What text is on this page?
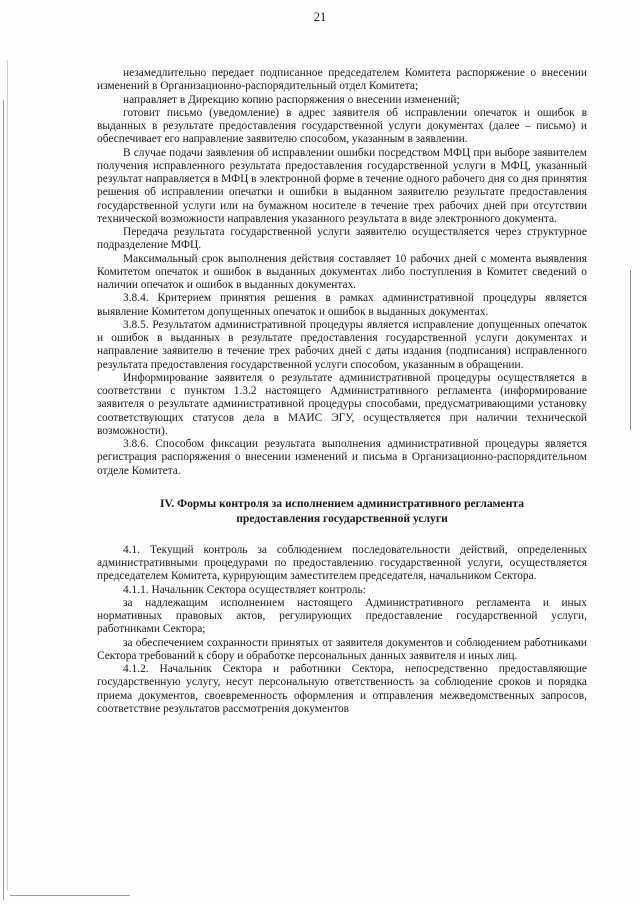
21

незамедлительно передает подписанное председателем Комитета распоряжение о внесении изменений в Организационно-распорядительный отдел Комитета;

направляет в Дирекцию копию распоряжения о внесении изменений;

готовит письмо (уведомление) в адрес заявителя об исправлении опечаток и ошибок в выданных в результате предоставления государственной услуги документах (далее – письмо) и обеспечивает его направление заявителю способом, указанным в заявлении.

В случае подачи заявления об исправлении ошибки посредством МФЦ при выборе заявителем получения исправленного результата предоставления государственной услуги в МФЦ, указанный результат направляется в МФЦ в электронной форме в течение одного рабочего дня со дня принятия решения об исправлении опечатки и ошибки в выданном заявителю результате предоставления государственной услуги или на бумажном носителе в течение трех рабочих дней при отсутствии технической возможности направления указанного результата в виде электронного документа.

Передача результата государственной услуги заявителю осуществляется через структурное подразделение МФЦ.

Максимальный срок выполнения действия составляет 10 рабочих дней с момента выявления Комитетом опечаток и ошибок в выданных документах либо поступления в Комитет сведений о наличии опечаток и ошибок в выданных документах.

3.8.4. Критерием принятия решения в рамках административной процедуры является выявление Комитетом допущенных опечаток и ошибок в выданных документах.

3.8.5. Результатом административной процедуры является исправление допущенных опечаток и ошибок в выданных в результате предоставления государственной услуги документах и направление заявителю в течение трех рабочих дней с даты издания (подписания) исправленного результата предоставления государственной услуги способом, указанным в обращении.

Информирование заявителя о результате административной процедуры осуществляется в соответствии с пунктом 1.3.2 настоящего Административного регламента (информирование заявителя о результате административной процедуры способами, предусматривающими установку соответствующих статусов дела в МАИС ЭГУ, осуществляется при наличии технической возможности).

3.8.6. Способом фиксации результата выполнения административной процедуры является регистрация распоряжения о внесении изменений и письма в Организационно-распорядительном отделе Комитета.

IV. Формы контроля за исполнением административного регламента
предоставления государственной услуги

4.1. Текущий контроль за соблюдением последовательности действий, определенных административными процедурами по предоставлению государственной услуги, осуществляется председателем Комитета, курирующим заместителем председателя, начальником Сектора.

4.1.1. Начальник Сектора осуществляет контроль:

за надлежащим исполнением настоящего Административного регламента и иных нормативных правовых актов, регулирующих предоставление государственной услуги, работниками Сектора;

за обеспечением сохранности принятых от заявителя документов и соблюдением работниками Сектора требований к сбору и обработке персональных данных заявителя и иных лиц.

4.1.2. Начальник Сектора и работники Сектора, непосредственно предоставляющие государственную услугу, несут персональную ответственность за соблюдение сроков и порядка приема документов, своевременность оформления и отправления межведомственных запросов, соответствие результатов рассмотрения документов
